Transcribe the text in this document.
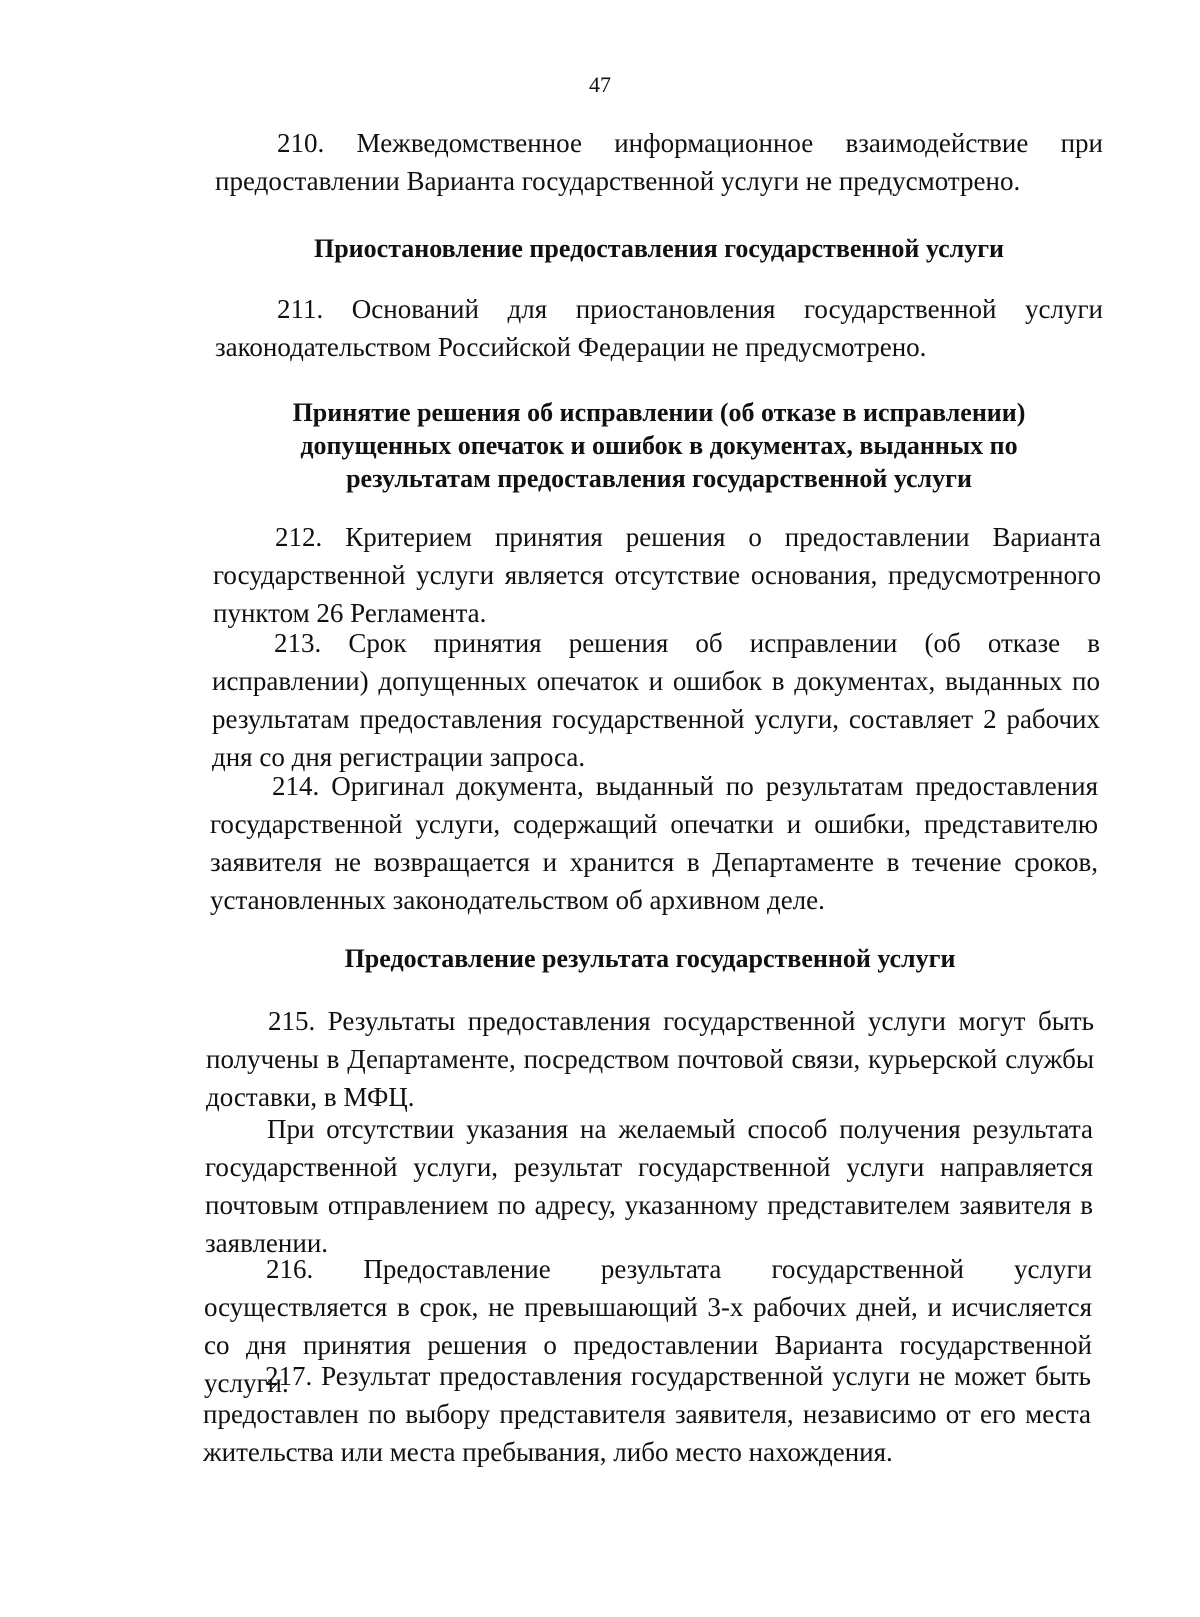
47
210. Межведомственное информационное взаимодействие при предоставлении Варианта государственной услуги не предусмотрено.
Приостановление предоставления государственной услуги
211. Оснований для приостановления государственной услуги законодательством Российской Федерации не предусмотрено.
Принятие решения об исправлении (об отказе в исправлении) допущенных опечаток и ошибок в документах, выданных по результатам предоставления государственной услуги
212. Критерием принятия решения о предоставлении Варианта государственной услуги является отсутствие основания, предусмотренного пунктом 26 Регламента.
213. Срок принятия решения об исправлении (об отказе в исправлении) допущенных опечаток и ошибок в документах, выданных по результатам предоставления государственной услуги, составляет 2 рабочих дня со дня регистрации запроса.
214. Оригинал документа, выданный по результатам предоставления государственной услуги, содержащий опечатки и ошибки, представителю заявителя не возвращается и хранится в Департаменте в течение сроков, установленных законодательством об архивном деле.
Предоставление результата государственной услуги
215. Результаты предоставления государственной услуги могут быть получены в Департаменте, посредством почтовой связи, курьерской службы доставки, в МФЦ.
При отсутствии указания на желаемый способ получения результата государственной услуги, результат государственной услуги направляется почтовым отправлением по адресу, указанному представителем заявителя в заявлении.
216. Предоставление результата государственной услуги осуществляется в срок, не превышающий 3-х рабочих дней, и исчисляется со дня принятия решения о предоставлении Варианта государственной услуги.
217. Результат предоставления государственной услуги не может быть предоставлен по выбору представителя заявителя, независимо от его места жительства или места пребывания, либо место нахождения.
